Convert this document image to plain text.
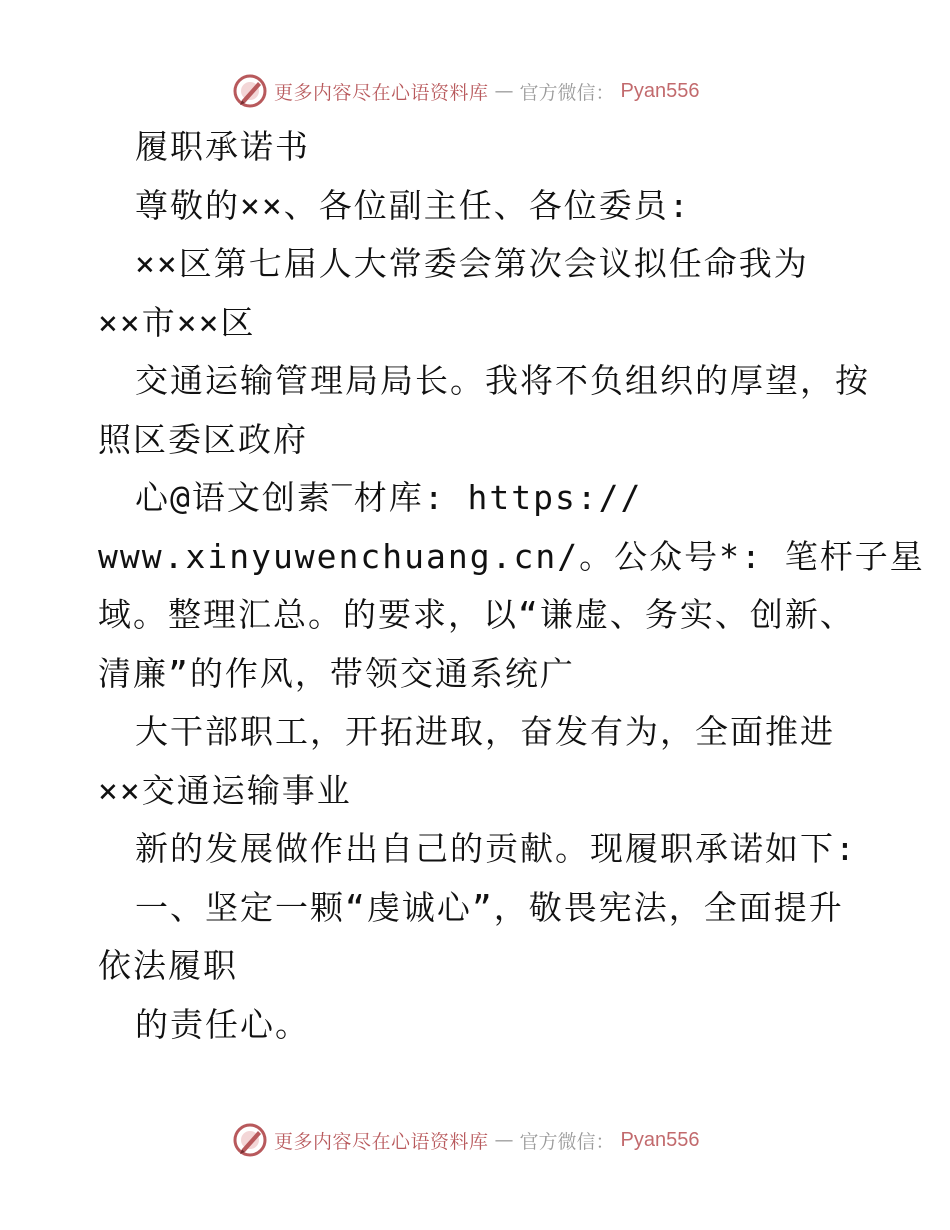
更多内容尽在心语资料库 — 官方微信： Pyan556
履职承诺书
尊敬的××、各位副主任、各位委员:
××区第七届人大常委会第次会议拟任命我为
××市××区
交通运输管理局局长。我将不负组织的厚望，按
照区委区政府
心@语文创素‾材库: https://
www.xinyuwenchuang.cn/。公众号*: 笔杆子星
域。整理汇总。的要求，以“谦虚、务实、创新、
清廉”的作风，带领交通系统广
大干部职工，开拓进取，奋发有为，全面推进
××交通运输事业
新的发展做作出自己的贡献。现履职承诺如下:
一、坚定一颗“虔诚心”，敬畏宪法，全面提升
依法履职
的责任心。
更多内容尽在心语资料库 — 官方微信： Pyan556
